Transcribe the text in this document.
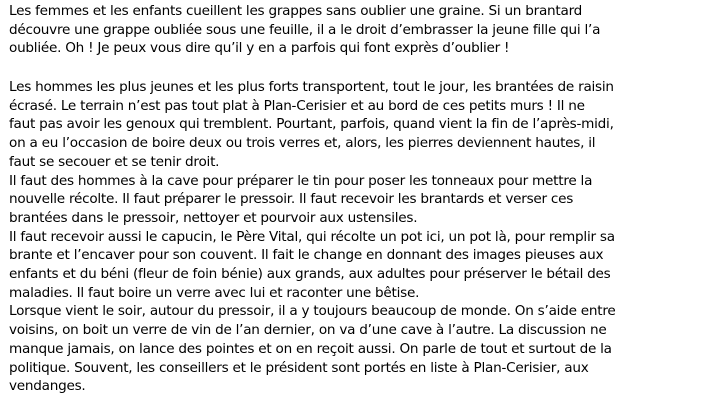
Les femmes et les enfants cueillent les grappes sans oublier une graine. Si un brantard
découvre une grappe oubliée sous une feuille, il a le droit d’embrasser la jeune fille qui l’a
oubliée. Oh ! Je peux vous dire qu’il y en a parfois qui font exprès d’oublier !
Les hommes les plus jeunes et les plus forts transportent, tout le jour, les brantées de raisin
écrasé. Le terrain n’est pas tout plat à Plan-Cerisier et au bord de ces petits murs ! Il ne
faut pas avoir les genoux qui tremblent. Pourtant, parfois, quand vient la fin de l’après-midi,
on a eu l’occasion de boire deux ou trois verres et, alors, les pierres deviennent hautes, il
faut se secouer et se tenir droit.
Il faut des hommes à la cave pour préparer le tin pour poser les tonneaux pour mettre la
nouvelle récolte. Il faut préparer le pressoir. Il faut recevoir les brantards et verser ces
brantées dans le pressoir, nettoyer et pourvoir aux ustensiles.
Il faut recevoir aussi le capucin, le Père Vital, qui récolte un pot ici, un pot là, pour remplir sa
brante et l’encaver pour son couvent. Il fait le change en donnant des images pieuses aux
enfants et du béni (fleur de foin bénie) aux grands, aux adultes pour préserver le bétail des
maladies. Il faut boire un verre avec lui et raconter une bêtise.
Lorsque vient le soir, autour du pressoir, il a y toujours beaucoup de monde. On s’aide entre
voisins, on boit un verre de vin de l’an dernier, on va d’une cave à l’autre. La discussion ne
manque jamais, on lance des pointes et on en reçoit aussi. On parle de tout et surtout de la
politique. Souvent, les conseillers et le président sont portés en liste à Plan-Cerisier, aux
vendanges.
